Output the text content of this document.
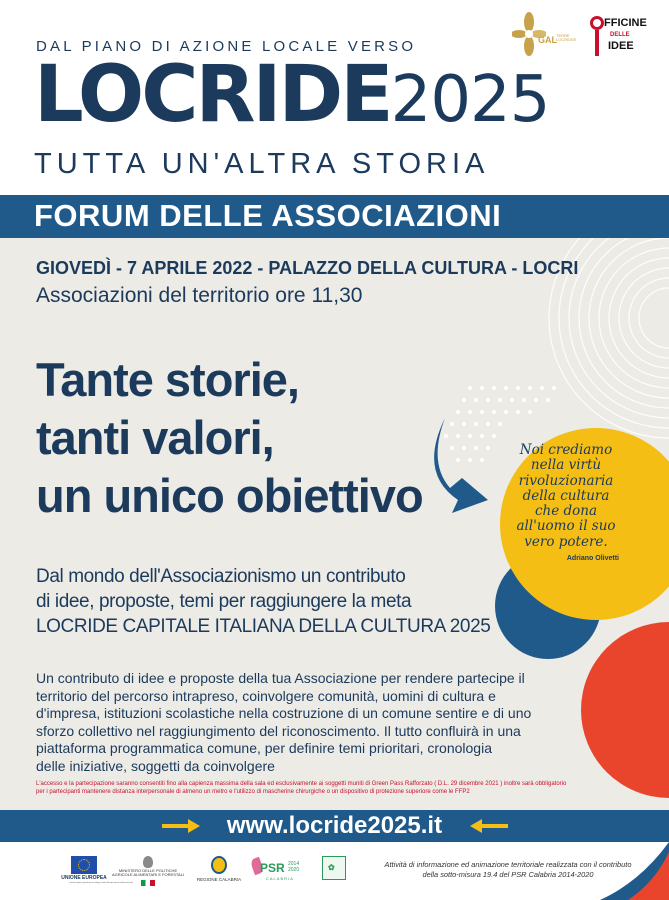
DAL PIANO DI AZIONE LOCALE VERSO
LOCRIDE2025
TUTTA UN'ALTRA STORIA
GAL TERRE LOCRIDEE
FFICINE
DELLE
IDEE
FORUM DELLE ASSOCIAZIONI
GIOVEDÌ - 7 APRILE 2022 - PALAZZO DELLA CULTURA - LOCRI
Associazioni del territorio ore 11,30
Tante storie,
tanti valori,
un unico obiettivo
Dal mondo dell'Associazionismo un contributo
di idee, proposte, temi per raggiungere la meta
LOCRIDE CAPITALE ITALIANA DELLA CULTURA 2025
Un contributo di idee e proposte della tua Associazione per rendere partecipe il
territorio del percorso intrapreso, coinvolgere comunità, uomini di cultura e
d'impresa, istituzioni scolastiche nella costruzione di un comune sentire e di uno
sforzo collettivo nel raggiungimento del riconoscimento. Il tutto confluirà in una
piattaforma programmatica comune, per definire temi prioritari, cronologia
delle iniziative, soggetti da coinvolgere
L'accesso e la partecipazione saranno consentiti fino alla capienza massima della sala ed esclusivamente ai soggetti muniti di Green Pass Rafforzato ( D.L. 29 dicembre 2021 ) inoltre sarà obbligatorio
per i partecipanti mantenere distanza interpersonale di almeno un metro e l'utilizzo di mascherine chirurgiche o un dispositivo di protezione superiore come le FFP2
Noi crediamo
nella virtù
rivoluzionaria
della cultura
che dona
all'uomo il suo
vero potere.
Adriano Olivetti
www.locride2025.it
UNIONE EUROPEA
Fondo europeo agricolo per lo sviluppo rurale: l'Europa investe nelle zone rurali
MINISTERO DELLE POLITICHE AGRICOLE ALIMENTARI E FORESTALI
REGIONE CALABRIA
PSR 2014 2020
CALABRIA
✿	Attività di informazione ed animazione territoriale realizzata con il contributo
della sotto-misura 19.4 del PSR Calabria 2014-2020
